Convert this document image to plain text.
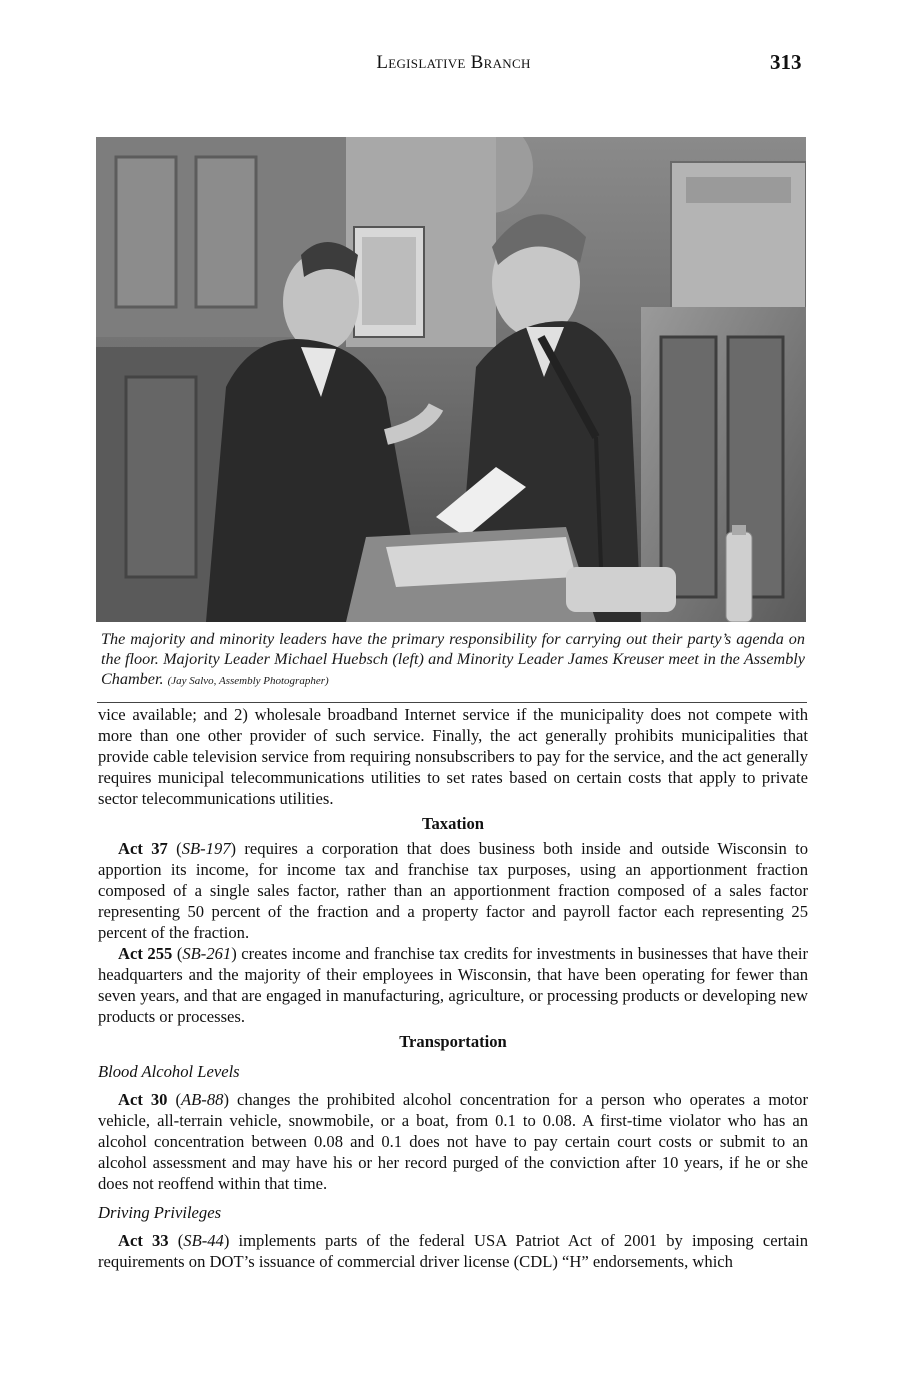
Legislative Branch	313
The majority and minority leaders have the primary responsibility for carrying out their party’s agenda on the floor. Majority Leader Michael Huebsch (left) and Minority Leader James Kreuser meet in the Assembly Chamber. (Jay Salvo, Assembly Photographer)

vice available; and 2) wholesale broadband Internet service if the municipality does not compete with more than one other provider of such service. Finally, the act generally prohibits municipalities that provide cable television service from requiring nonsubscribers to pay for the service, and the act generally requires municipal telecommunications utilities to set rates based on certain costs that apply to private sector telecommunications utilities.

Taxation

Act 37 (SB-197) requires a corporation that does business both inside and outside Wisconsin to apportion its income, for income tax and franchise tax purposes, using an apportionment fraction composed of a single sales factor, rather than an apportionment fraction composed of a sales factor representing 50 percent of the fraction and a property factor and payroll factor each representing 25 percent of the fraction.

Act 255 (SB-261) creates income and franchise tax credits for investments in businesses that have their headquarters and the majority of their employees in Wisconsin, that have been operating for fewer than seven years, and that are engaged in manufacturing, agriculture, or processing products or developing new products or processes.

Transportation
Blood Alcohol Levels

Act 30 (AB-88) changes the prohibited alcohol concentration for a person who operates a motor vehicle, all-terrain vehicle, snowmobile, or a boat, from 0.1 to 0.08. A first-time violator who has an alcohol concentration between 0.08 and 0.1 does not have to pay certain court costs or submit to an alcohol assessment and may have his or her record purged of the conviction after 10 years, if he or she does not reoffend within that time.

Driving Privileges

Act 33 (SB-44) implements parts of the federal USA Patriot Act of 2001 by imposing certain requirements on DOT’s issuance of commercial driver license (CDL) “H” endorsements, which
